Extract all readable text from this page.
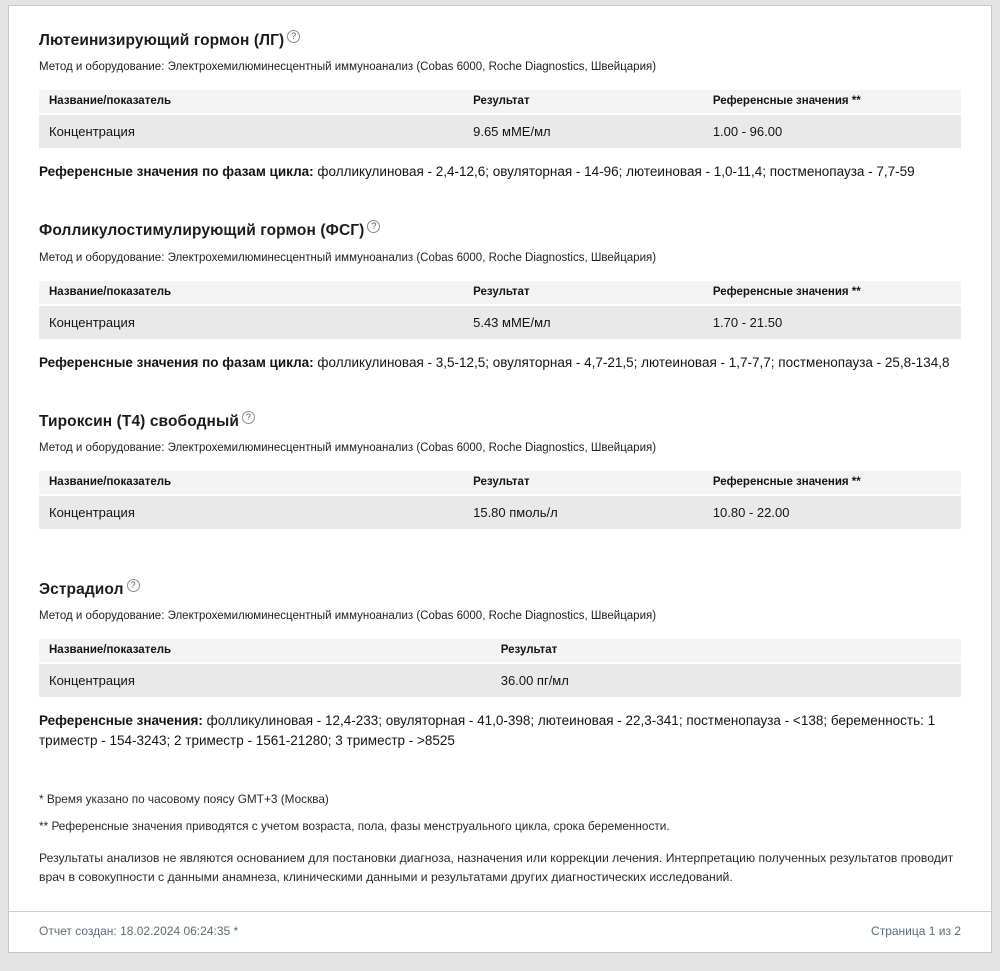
Лютеинизирующий гормон (ЛГ) ?

Метод и оборудование: Электрохемилюминесцентный иммуноанализ (Cobas 6000, Roche Diagnostics, Швейцария)

Название/показатель	Результат	Референсные значения **
Концентрация	9.65 мМЕ/мл	1.00 - 96.00

Референсные значения по фазам цикла: фолликулиновая - 2,4-12,6; овуляторная - 14-96; лютеиновая - 1,0-11,4; постменопауза - 7,7-59

Фолликулостимулирующий гормон (ФСГ) ?

Метод и оборудование: Электрохемилюминесцентный иммуноанализ (Cobas 6000, Roche Diagnostics, Швейцария)

Название/показатель	Результат	Референсные значения **
Концентрация	5.43 мМЕ/мл	1.70 - 21.50

Референсные значения по фазам цикла: фолликулиновая - 3,5-12,5; овуляторная - 4,7-21,5; лютеиновая - 1,7-7,7; постменопауза - 25,8-134,8

Тироксин (Т4) свободный ?

Метод и оборудование: Электрохемилюминесцентный иммуноанализ (Cobas 6000, Roche Diagnostics, Швейцария)

Название/показатель	Результат	Референсные значения **
Концентрация	15.80 пмоль/л	10.80 - 22.00
Эстрадиол ?

Метод и оборудование: Электрохемилюминесцентный иммуноанализ (Cobas 6000, Roche Diagnostics, Швейцария)

Название/показатель	Результат
Концентрация	36.00 пг/мл

Референсные значения: фолликулиновая - 12,4-233; овуляторная - 41,0-398; лютеиновая - 22,3-341; постменопауза - <138; беременность: 1 триместр - 154-3243; 2 триместр - 1561-21280; 3 триместр - >8525

* Время указано по часовому поясу GMT+3 (Москва)

** Референсные значения приводятся с учетом возраста, пола, фазы менструального цикла, срока беременности.

Результаты анализов не являются основанием для постановки диагноза, назначения или коррекции лечения. Интерпретацию полученных результатов проводит врач в совокупности с данными анамнеза, клиническими данными и результатами других диагностических исследований.

Отчет создан: 18.02.2024 06:24:35 *	Страница 1 из 2
